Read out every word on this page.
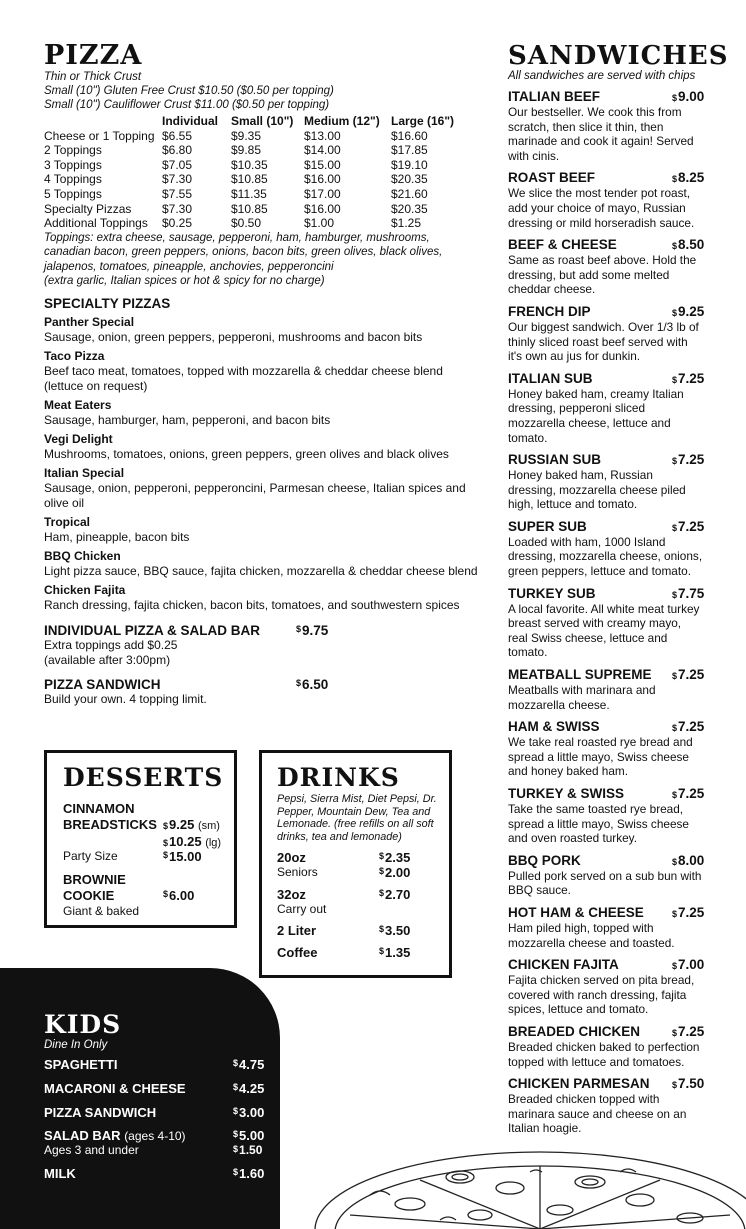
PIZZA
Thin or Thick Crust
Small (10") Gluten Free Crust $10.50 ($0.50 per topping)
Small (10") Cauliflower Crust $11.00 ($0.50 per topping)
	Individual	Small (10")	Medium (12")	Large (16")
Cheese or 1 Topping	$6.55	$9.35	$13.00	$16.60
2 Toppings	$6.80	$9.85	$14.00	$17.85
3 Toppings	$7.05	$10.35	$15.00	$19.10
4 Toppings	$7.30	$10.85	$16.00	$20.35
5 Toppings	$7.55	$11.35	$17.00	$21.60
Specialty Pizzas	$7.30	$10.85	$16.00	$20.35
Additional Toppings	$0.25	$0.50	$1.00	$1.25
Toppings: extra cheese, sausage, pepperoni, ham, hamburger, mushrooms,
canadian bacon, green peppers, onions, bacon bits, green olives, black olives,
jalapenos, tomatoes, pineapple, anchovies, pepperoncini
(extra garlic, Italian spices or hot & spicy for no charge)
SPECIALTY PIZZAS
Panther Special
Sausage, onion, green peppers, pepperoni, mushrooms and bacon bits
Taco Pizza
Beef taco meat, tomatoes, topped with mozzarella & cheddar cheese blend (lettuce on request)
Meat Eaters
Sausage, hamburger, ham, pepperoni, and bacon bits
Vegi Delight
Mushrooms, tomatoes, onions, green peppers, green olives and black olives
Italian Special
Sausage, onion, pepperoni, pepperoncini, Parmesan cheese, Italian spices and olive oil
Tropical
Ham, pineapple, bacon bits
BBQ Chicken
Light pizza sauce, BBQ sauce, fajita chicken, mozzarella & cheddar cheese blend
Chicken Fajita
Ranch dressing, fajita chicken, bacon bits, tomatoes, and southwestern spices
INDIVIDUAL PIZZA & SALAD BAR	$9.75
Extra toppings add $0.25
(available after 3:00pm)
PIZZA SANDWICH	$6.50
Build your own. 4 topping limit.
DESSERTS
CINNAMON
BREADSTICKS $9.25 (sm)
$10.25 (lg)
Party Size	$15.00
BROWNIE
COOKIE	$6.00
Giant & baked
DRINKS
Pepsi, Sierra Mist, Diet Pepsi, Dr. Pepper, Mountain Dew, Tea and Lemonade. (free refills on all soft drinks, tea and lemonade)
20oz	$2.35
Seniors	$2.00
32oz	$2.70
Carry out
2 Liter	$3.50
Coffee	$1.35
KIDS
Dine In Only
SPAGHETTI	$4.75
MACARONI & CHEESE	$4.25
PIZZA SANDWICH	$3.00
SALAD BAR (ages 4-10)	$5.00
Ages 3 and under	$1.50
MILK	$1.60
SANDWICHES
All sandwiches are served with chips
ITALIAN BEEF	$9.00
Our bestseller. We cook this from scratch, then slice it thin, then marinade and cook it again! Served with cinis.
ROAST BEEF	$8.25
We slice the most tender pot roast, add your choice of mayo, Russian dressing or mild horseradish sauce.
BEEF & CHEESE	$8.50
Same as roast beef above. Hold the dressing, but add some melted cheddar cheese.
FRENCH DIP	$9.25
Our biggest sandwich. Over 1/3 lb of thinly sliced roast beef served with it's own au jus for dunkin.
ITALIAN SUB	$7.25
Honey baked ham, creamy Italian dressing, pepperoni sliced mozzarella cheese, lettuce and tomato.
RUSSIAN SUB	$7.25
Honey baked ham, Russian dressing, mozzarella cheese piled high, lettuce and tomato.
SUPER SUB	$7.25
Loaded with ham, 1000 Island dressing, mozzarella cheese, onions, green peppers, lettuce and tomato.
TURKEY SUB	$7.75
A local favorite. All white meat turkey breast served with creamy mayo, real Swiss cheese, lettuce and tomato.
MEATBALL SUPREME $7.25
Meatballs with marinara and mozzarella cheese.
HAM & SWISS	$7.25
We take real roasted rye bread and spread a little mayo, Swiss cheese and honey baked ham.
TURKEY & SWISS	$7.25
Take the same toasted rye bread, spread a little mayo, Swiss cheese and oven roasted turkey.
BBQ PORK	$8.00
Pulled pork served on a sub bun with BBQ sauce.
HOT HAM & CHEESE	$7.25
Ham piled high, topped with mozzarella cheese and toasted.
CHICKEN FAJITA	$7.00
Fajita chicken served on pita bread, covered with ranch dressing, fajita spices, lettuce and tomato.
BREADED CHICKEN	$7.25
Breaded chicken baked to perfection topped with lettuce and tomatoes.
CHICKEN PARMESAN $7.50
Breaded chicken topped with marinara sauce and cheese on an Italian hoagie.
